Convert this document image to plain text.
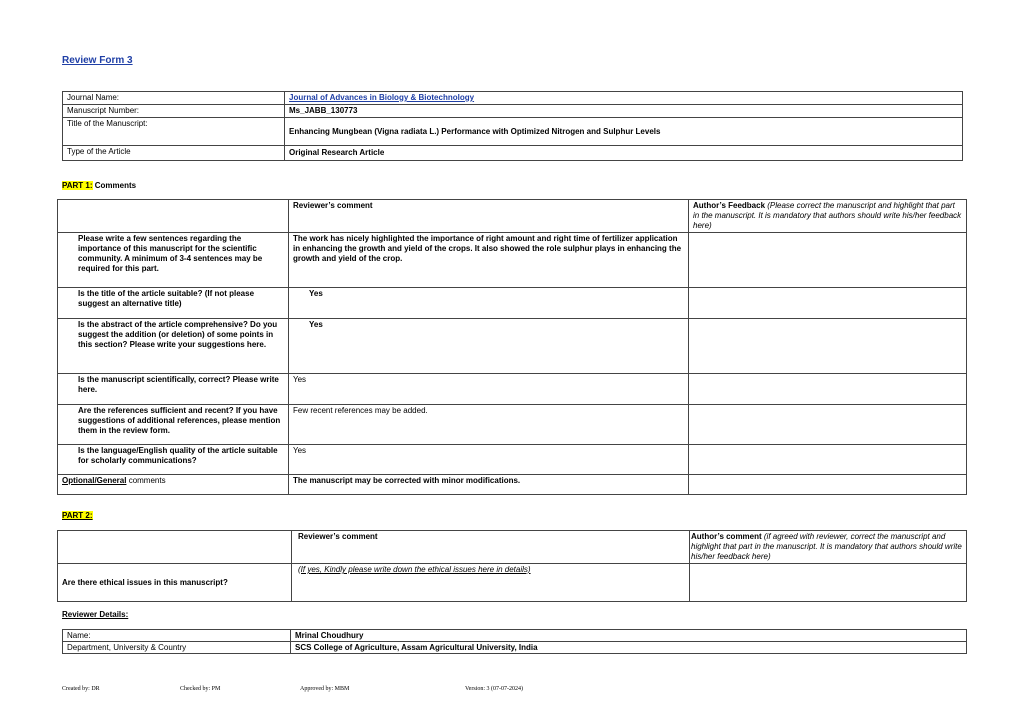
Review Form 3
Journal Name:	Journal of Advances in Biology & Biotechnology
Manuscript Number:	Ms_JABB_130773
Title of the Manuscript:	Enhancing Mungbean (Vigna radiata L.) Performance with Optimized Nitrogen and Sulphur Levels
Type of the Article	Original Research Article
PART 1: Comments
	Reviewer’s comment	Author’s Feedback (Please correct the manuscript and highlight that part in the manuscript. It is mandatory that authors should write his/her feedback here)
Please write a few sentences regarding the importance of this manuscript for the scientific community. A minimum of 3-4 sentences may be required for this part.	The work has nicely highlighted the importance of right amount and right time of fertilizer application in enhancing the growth and yield of the crops. It also showed the role sulphur plays in enhancing the growth and yield of the crop.	
Is the title of the article suitable? (If not please suggest an alternative title)	Yes	
Is the abstract of the article comprehensive? Do you suggest the addition (or deletion) of some points in this section? Please write your suggestions here.	Yes	
Is the manuscript scientifically, correct? Please write here.	Yes	
Are the references sufficient and recent? If you have suggestions of additional references, please mention them in the review form.	Few recent references may be added.	
Is the language/English quality of the article suitable for scholarly communications?	Yes	
Optional/General comments	The manuscript may be corrected with minor modifications.	
PART 2:
	Reviewer’s comment	Author’s comment (if agreed with reviewer, correct the manuscript and highlight that part in the manuscript. It is mandatory that authors should write his/her feedback here)
Are there ethical issues in this manuscript?	(If yes, Kindly please write down the ethical issues here in details)	
Reviewer Details:
Name:	Mrinal Choudhury
Department, University & Country	SCS College of Agriculture, Assam Agricultural University, India
Created by: DR	Checked by: PM	Approved by: MBM	Version: 3 (07-07-2024)
